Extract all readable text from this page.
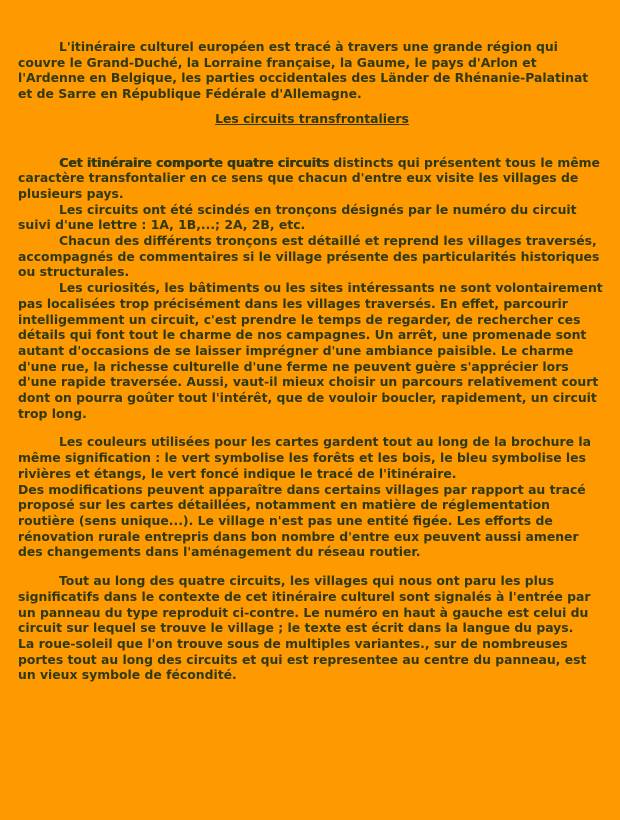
L'itinéraire culturel européen est tracé à travers une grande région qui couvre le Grand-Duché, la Lorraine française, la Gaume, le pays d'Arlon et l'Ardenne en Belgique, les parties occidentales des Länder de Rhénanie-Palatinat et de Sarre en République Fédérale d'Allemagne.

Les circuits transfrontaliers

Cet itinéraire comporte quatre circuits distincts qui présentent tous le même caractère transfontalier en ce sens que chacun d'entre eux visite les villages de plusieurs pays.

Les circuits ont été scindés en tronçons désignés par le numéro du circuit suivi d'une lettre : 1A, 1B,...; 2A, 2B, etc.

Chacun des différents tronçons est détaillé et reprend les villages traversés, accompagnés de commentaires si le village présente des particularités historiques ou structurales.

Les curiosités, les bâtiments ou les sites intéressants ne sont volontairement pas localisées trop précisément dans les villages traversés. En effet, parcourir intelligemment un circuit, c'est prendre le temps de regarder, de rechercher ces détails qui font tout le charme de nos campagnes. Un arrêt, une promenade sont autant d'occasions de se laisser imprégner d'une ambiance paisible. Le charme d'une rue, la richesse culturelle d'une ferme ne peuvent guère s'apprécier lors d'une rapide traversée. Aussi, vaut-il mieux choisir un parcours relativement court dont on pourra goûter tout l'intérêt, que de vouloir boucler, rapidement, un circuit trop long.

Les couleurs utilisées pour les cartes gardent tout au long de la brochure la même signification : le vert symbolise les forêts et les bois, le bleu symbolise les rivières et étangs, le vert foncé indique le tracé de l'itinéraire.

Des modifications peuvent apparaître dans certains villages par rapport au tracé proposé sur les cartes détaillées, notamment en matière de réglementation routière (sens unique...). Le village n'est pas une entité figée. Les efforts de rénovation rurale entrepris dans bon nombre d'entre eux peuvent aussi amener des changements dans l'aménagement du réseau routier.

Tout au long des quatre circuits, les villages qui nous ont paru les plus significatifs dans le contexte de cet itinéraire culturel sont signalés à l'entrée par un panneau du type reproduit ci-contre. Le numéro en haut à gauche est celui du circuit sur lequel se trouve le village ; le texte est écrit dans la langue du pays.

La roue-soleil que l'on trouve sous de multiples variantes., sur de nombreuses portes tout au long des circuits et qui est representee au centre du panneau, est un vieux symbole de fécondité.
